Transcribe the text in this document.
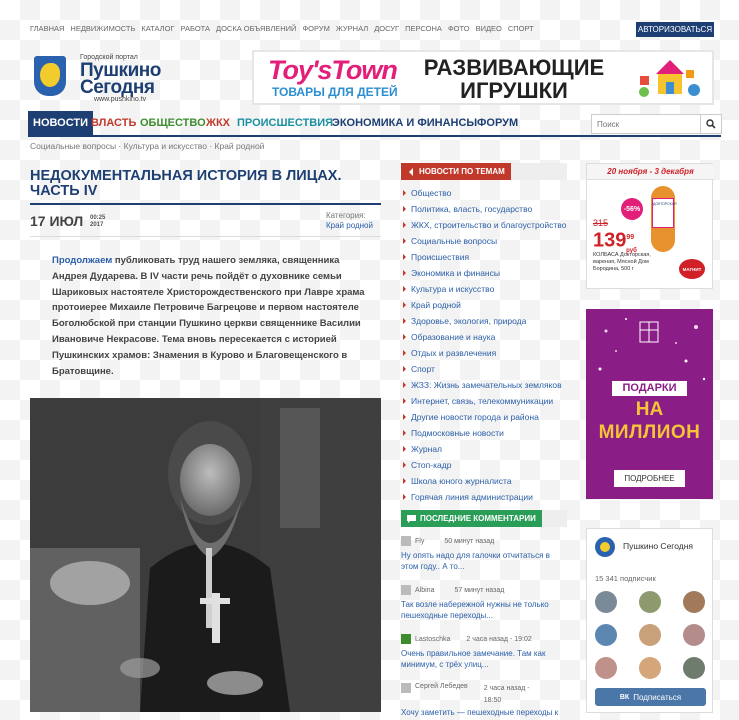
ГЛАВНАЯ НЕДВИЖИМОСТЬ КАТАЛОГ РАБОТА ДОСКА ОБЪЯВЛЕНИЙ ФОРУМ ЖУРНАЛ ДОСУГ ПЕРСОНА ФОТО ВИДЕО СПОРТ	АВТОРИЗОВАТЬСЯ
Городской портал
Пушкино
Сегодня
www.pushkino.tv
Toy'sTown
ТОВАРЫ ДЛЯ ДЕТЕЙ
РАЗВИВАЮЩИЕ
ИГРУШКИ
НОВОСТИ ВЛАСТЬ ОБЩЕСТВО ЖКХ ПРОИСШЕСТВИЯ
ЭКОНОМИКА И ФИНАНСЫ ФОРУМ
Поиск
Социальные вопросы · Культура и искусство · Край родной
НЕДОКУМЕНТАЛЬНАЯ ИСТОРИЯ В ЛИЦАХ. ЧАСТЬ IV
17 ИЮЛ 00:25
2017
Категория:
Край родной
Продолжаем публиковать труд нашего земляка, священника Андрея Дударева. В IV части речь пойдёт о духовнике семьи Шариковых настоятеле Христорождественского при Лавре храма протоиерее Михаиле Петровиче Багрецове и первом настоятеле Боголюбской при станции Пушкино церкви священнике Василии Ивановиче Некрасове. Тема вновь пересекается с историей Пушкинских храмов: Знамения в Курово и Благовещенского в Братовщине.
НОВОСТИ ПО ТЕМАМ
Общество
Политика, власть, государство
ЖКХ, строительство и благоустройство
Социальные вопросы
Происшествия
Экономика и финансы
Культура и искусство
Край родной
Здоровье, экология, природа
Образование и наука
Отдых и развлечения
Спорт
ЖЗЗ: Жизнь замечательных земляков
Интернет, связь, телекоммуникации
Другие новости города и района
Подмосковные новости
Журнал
Стоп-кадр
Школа юного журналиста
Горячая линия администрации
ПОСЛЕДНИЕ КОММЕНТАРИИ
Fly	50 минут назад
Ну опять надо для галочки отчитаться в этом году.. А то...
Albina	57 минут назад
Так возле набережной нужны не только пешеходные переходы...
Lastoschka 2 часа назад - 19:02
Очень правильное замечание. Там как минимум, с трёх улиц...
Сергей Лебедев 2 часа назад - 18:50
Хочу заметить — пешеходные переходы к
20 ноября - 3 декабря
-56%
315
$139^{99}_{руб}$
КОЛБАСА Докторская, вареная, Мясной Дом Бородина, 500 г
ДОКТОРСКАЯ
МАГНИТ
ПОДАРКИ
НА
МИЛЛИОН
ПОДРОБНЕЕ
Пушкино Сегодня
15 341 подписчик
ВК Подписаться
